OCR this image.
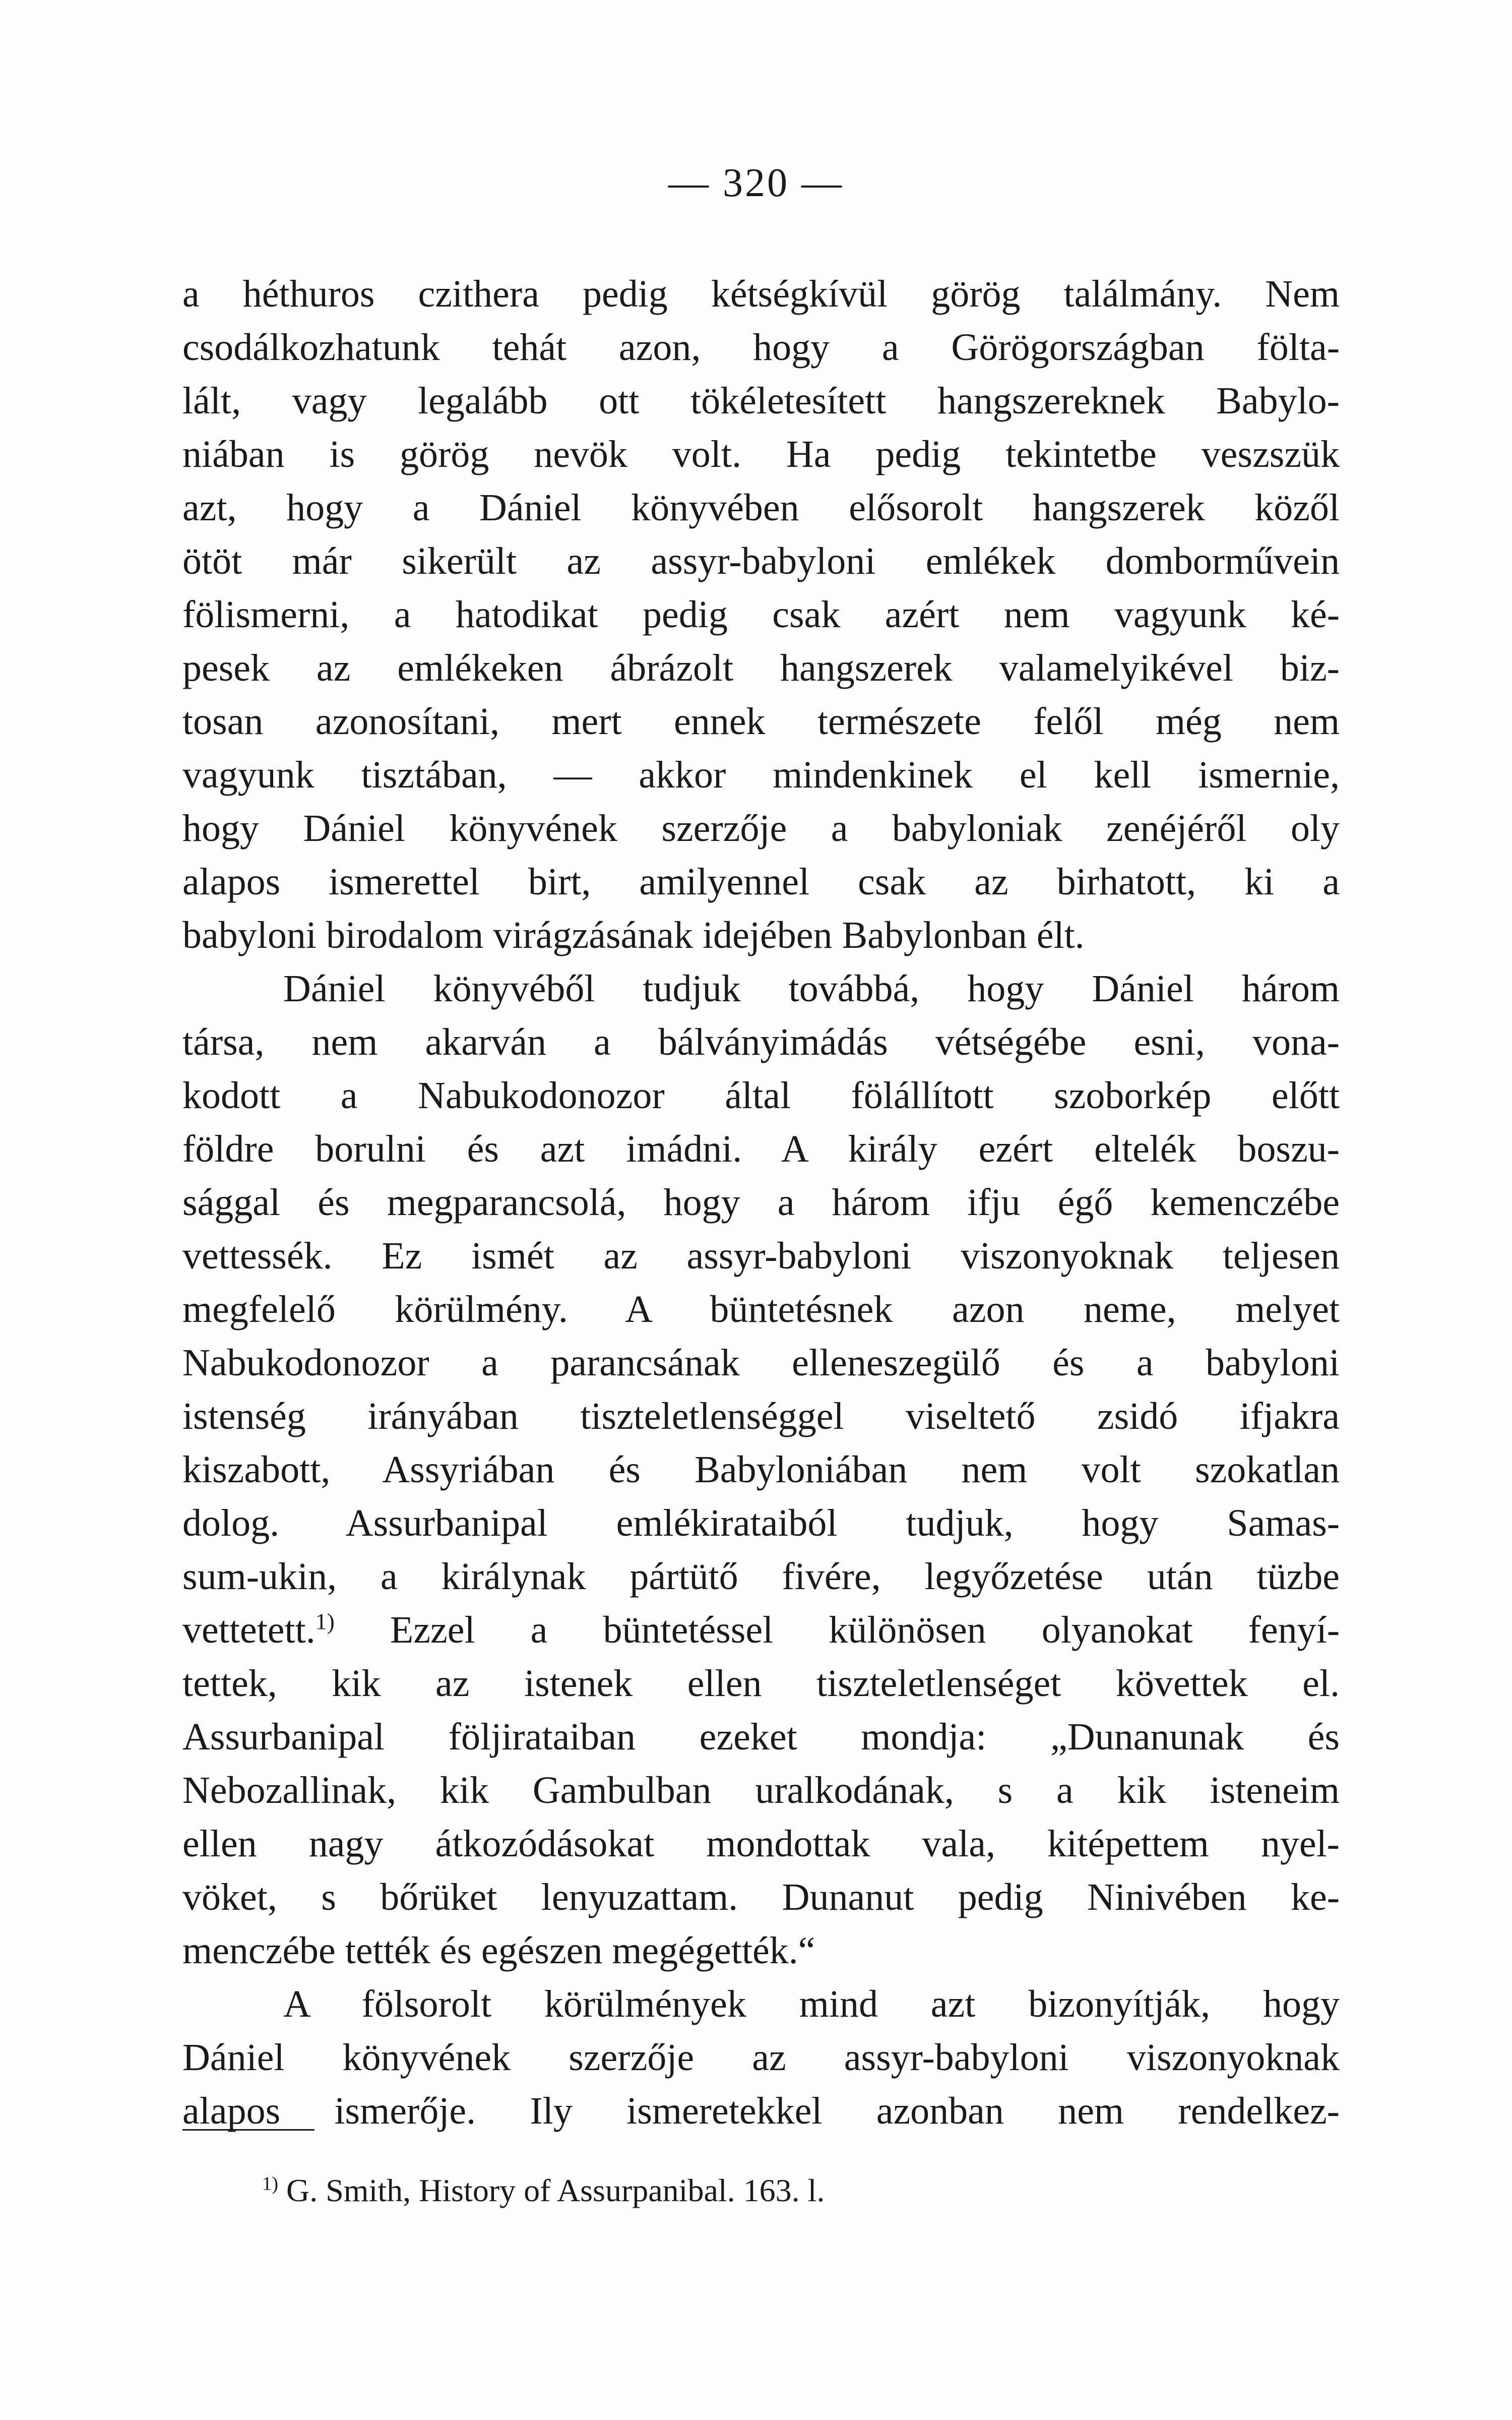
— 320 —
a héthuros czithera pedig kétségkívül görög találmány. Nem
csodálkozhatunk tehát azon, hogy a Görögországban fölta-
lált, vagy legalább ott tökéletesített hangszereknek Babylo-
niában is görög nevök volt. Ha pedig tekintetbe veszszük
azt, hogy a Dániel könyvében elősorolt hangszerek közől
ötöt már sikerült az assyr-babyloni emlékek domborművein
fölismerni, a hatodikat pedig csak azért nem vagyunk ké-
pesek az emlékeken ábrázolt hangszerek valamelyikével biz-
tosan azonosítani, mert ennek természete felől még nem
vagyunk tisztában, — akkor mindenkinek el kell ismernie,
hogy Dániel könyvének szerzője a babyloniak zenéjéről oly
alapos ismerettel birt, amilyennel csak az birhatott, ki a
babyloni birodalom virágzásának idejében Babylonban élt.
Dániel könyvéből tudjuk továbbá, hogy Dániel három
társa, nem akarván a bálványimádás vétségébe esni, vona-
kodott a Nabukodonozor által fölállított szoborkép előtt
földre borulni és azt imádni. A király ezért eltelék boszu-
sággal és megparancsolá, hogy a három ifju égő kemenczébe
vettessék. Ez ismét az assyr-babyloni viszonyoknak teljesen
megfelelő körülmény. A büntetésnek azon neme, melyet
Nabukodonozor a parancsának elleneszegülő és a babyloni
istenség irányában tiszteletlenséggel viseltető zsidó ifjakra
kiszabott, Assyriában és Babyloniában nem volt szokatlan
dolog. Assurbanipal emlékirataiból tudjuk, hogy Samas-
sum-ukin, a királynak pártütő fivére, legyőzetése után tüzbe
vettetett.$^{1)}$ Ezzel a büntetéssel különösen olyanokat fenyí-
tettek, kik az istenek ellen tiszteletlenséget követtek el.
Assurbanipal följirataiban ezeket mondja: „Dunanunak és
Nebozallinak, kik Gambulban uralkodának, s a kik isteneim
ellen nagy átkozódásokat mondottak vala, kitépettem nyel-
vöket, s bőrüket lenyuzattam. Dunanut pedig Ninivében ke-
menczébe tették és egészen megégették.“
A fölsorolt körülmények mind azt bizonyítják, hogy
Dániel könyvének szerzője az assyr-babyloni viszonyoknak
alapos ismerője. Ily ismeretekkel azonban nem rendelkez-
$^{1)}$ G. Smith, History of Assurpanibal. 163. l.
